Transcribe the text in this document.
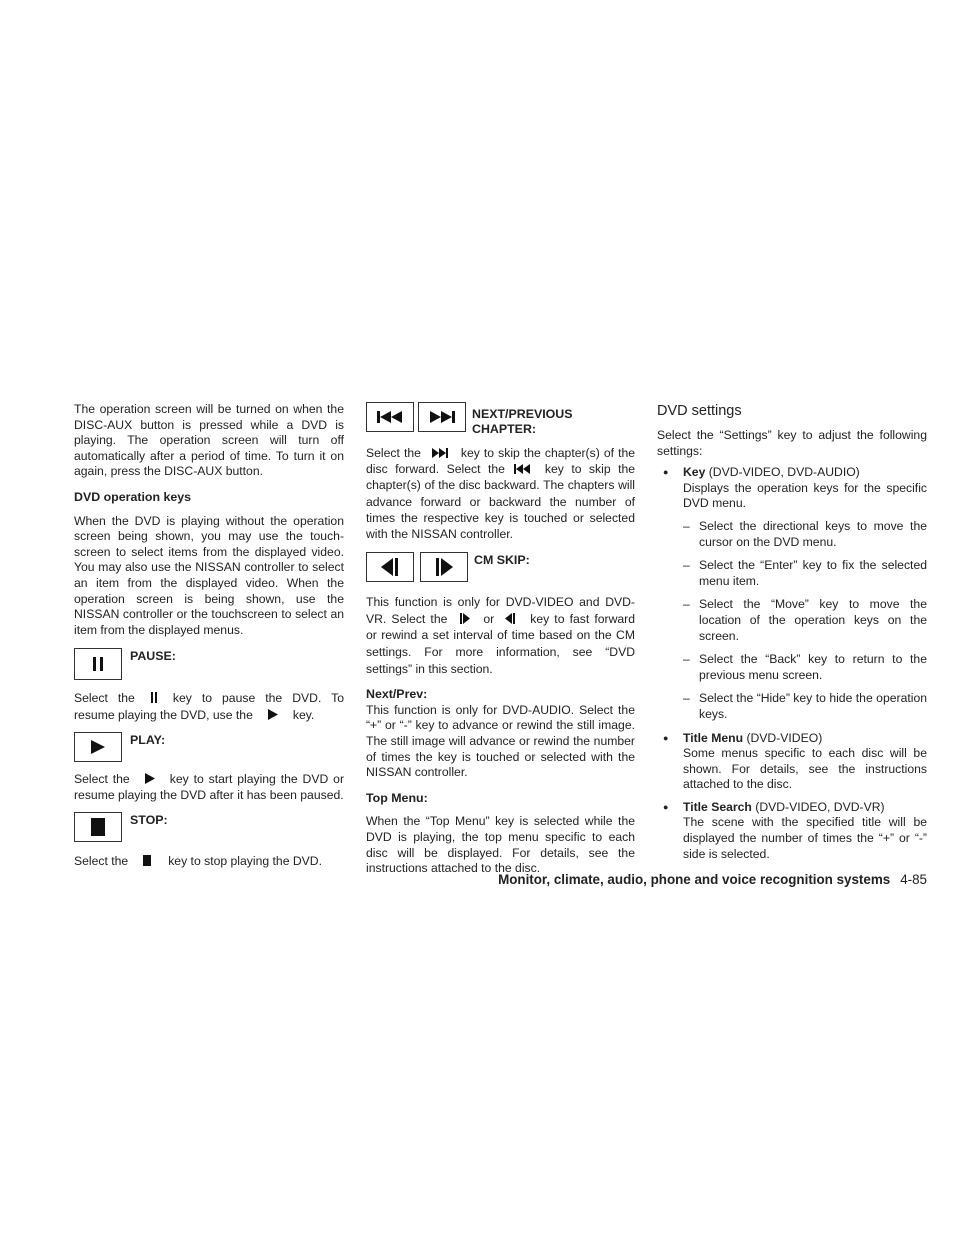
The operation screen will be turned on when the DISC-AUX button is pressed while a DVD is playing. The operation screen will turn off automatically after a period of time. To turn it on again, press the DISC-AUX button.

DVD operation keys

When the DVD is playing without the operation screen being shown, you may use the touch-screen to select items from the displayed video. You may also use the NISSAN controller to select an item from the displayed video. When the operation screen is being shown, use the NISSAN controller or the touchscreen to select an item from the displayed menus.

PAUSE:

Select the	key to pause the DVD. To resume playing the DVD, use the	key.

PLAY:

Select the	key to start playing the DVD or resume playing the DVD after it has been paused.

STOP:

Select the	key to stop playing the DVD.

NEXT/PREVIOUS CHAPTER:

Select the	key to skip the chapter(s) of the disc forward. Select the	key to skip the chapter(s) of the disc backward. The chapters will advance forward or backward the number of times the respective key is touched or selected with the NISSAN controller.

CM SKIP:

This function is only for DVD-VIDEO and DVD-VR. Select the	or	key to fast forward or rewind a set interval of time based on the CM settings. For more information, see “DVD settings” in this section.

Next/Prev:

This function is only for DVD-AUDIO. Select the “+” or “-” key to advance or rewind the still image. The still image will advance or rewind the number of times the key is touched or selected with the NISSAN controller.

Top Menu:

When the “Top Menu” key is selected while the DVD is playing, the top menu specific to each disc will be displayed. For details, see the instructions attached to the disc.

DVD settings

Select the “Settings” key to adjust the following settings:

● Key (DVD-VIDEO, DVD-AUDIO)

Displays the operation keys for the specific DVD menu.

– Select the directional keys to move the cursor on the DVD menu.
– Select the “Enter” key to fix the selected menu item.
– Select the “Move” key to move the location of the operation keys on the screen.
– Select the “Back” key to return to the previous menu screen.
– Select the “Hide” key to hide the operation keys.
● Title Menu (DVD-VIDEO)

Some menus specific to each disc will be shown. For details, see the instructions attached to the disc.

● Title Search (DVD-VIDEO, DVD-VR)

The scene with the specified title will be displayed the number of times the “+” or “-” side is selected.

Monitor, climate, audio, phone and voice recognition systems 4-85
